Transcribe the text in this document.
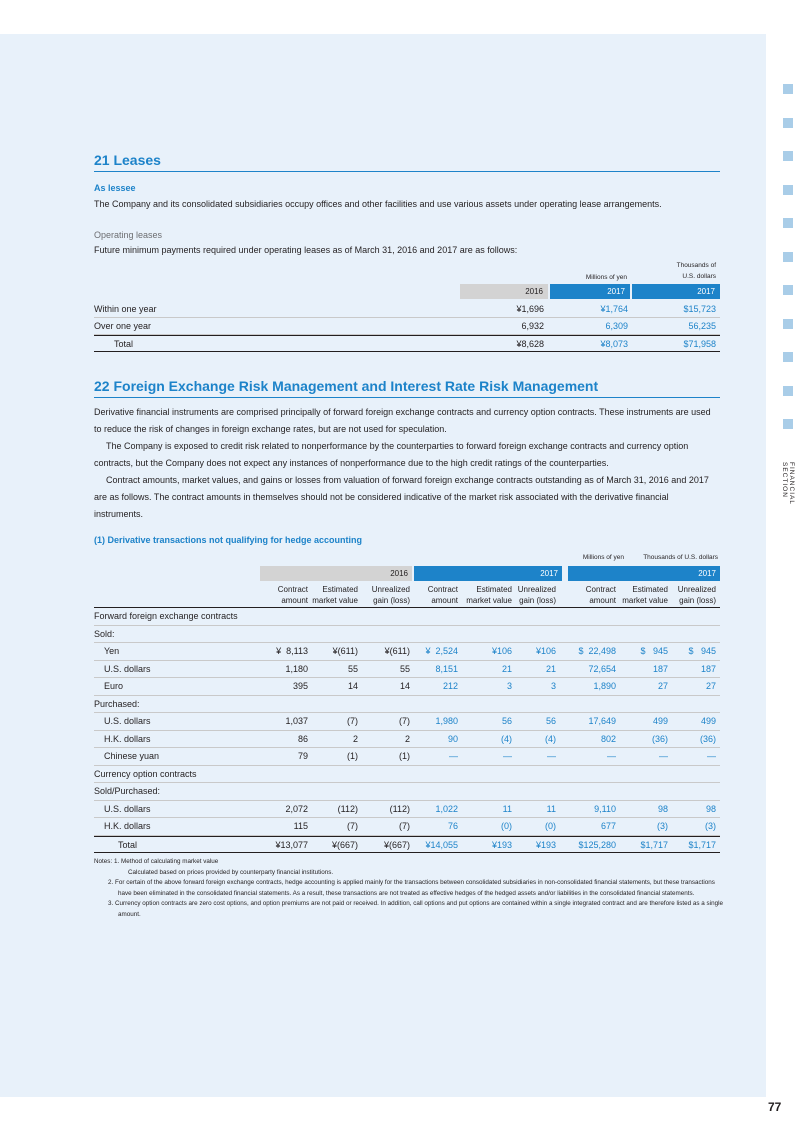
FINANCIAL SECTION
77
21 Leases
As lessee
The Company and its consolidated subsidiaries occupy offices and other facilities and use various assets under operating lease arrangements.
Operating leases
Future minimum payments required under operating leases as of March 31, 2016 and 2017 are as follows:
Millions of yen
Thousands of
U.S. dollars
2016	2017	2017
Within one year	¥1,696	¥1,764	$15,723
Over one year	6,932	6,309	56,235
Total	¥8,628	¥8,073	$71,958
22 Foreign Exchange Risk Management and Interest Rate Risk Management
Derivative financial instruments are comprised principally of forward foreign exchange contracts and currency option contracts. These instruments are used to reduce the risk of changes in foreign exchange rates, but are not used for speculation.
The Company is exposed to credit risk related to nonperformance by the counterparties to forward foreign exchange contracts and currency option contracts, but the Company does not expect any instances of nonperformance due to the high credit ratings of the counterparties.
Contract amounts, market values, and gains or losses from valuation of forward foreign exchange contracts outstanding as of March 31, 2016 and 2017 are as follows. The contract amounts in themselves should not be considered indicative of the market risk associated with the derivative financial instruments.
(1) Derivative transactions not qualifying for hedge accounting
Millions of yen	Thousands of U.S. dollars
2016	2017	2017
Contract
amount
Estimated
market value
Unrealized
gain (loss)
Contract
amount
Estimated
market value
Unrealized
gain (loss)
Contract
amount
Estimated
market value
Unrealized
gain (loss)
Forward foreign exchange contracts
Sold:
Yen	¥  8,113	¥(611)	¥(611) ¥  2,524	¥106	¥106 $  22,498	$   945 $   945
U.S. dollars	1,180	55	55	8,151	21	21	72,654	187	187
Euro	395	14	14	212	3	3	1,890	27	27
Purchased:
U.S. dollars	1,037	(7)	(7)	1,980	56	56	17,649	499	499
H.K. dollars	86	2	2	90	(4)	(4)	802	(36)	(36)
Chinese yuan	79	(1)	(1)	—	—	—	—	—	—
Currency option contracts
Sold/Purchased:
U.S. dollars	2,072	(112)	(112)	1,022	11	11	9,110	98	98
H.K. dollars	115	(7)	(7)	76	(0)	(0)	677	(3)	(3)
Total	¥13,077	¥(667)	¥(667) ¥14,055	¥193	¥193 $125,280	$1,717 $1,717
Notes: 1. Method of calculating market value
Calculated based on prices provided by counterparty financial institutions.
2. For certain of the above forward foreign exchange contracts, hedge accounting is applied mainly for the transactions between consolidated subsidiaries in non-consolidated financial statements, but these transactions have been eliminated in the consolidated financial statements. As a result, these transactions are not treated as effective hedges of the hedged assets and/or liabilities in the consolidated financial statements.
3. Currency option contracts are zero cost options, and option premiums are not paid or received. In addition, call options and put options are contained within a single integrated contract and are therefore listed as a single amount.
